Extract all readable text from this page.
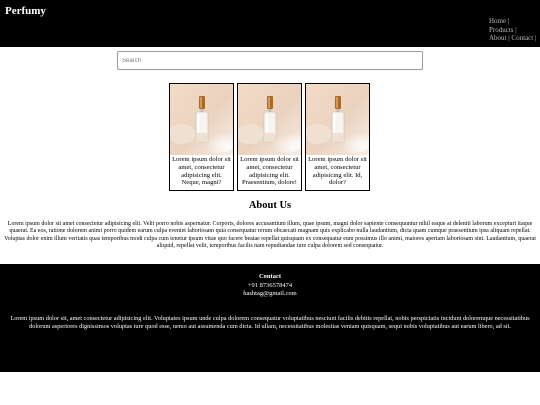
Perfumy
Home |
Products |
About | Contact |
Search
Lorem ipsum dolor sit amet, consectetur adipisicing elit. Neque, magni?
Lorem ipsum dolor sit amet, consectetur adipisicing elit. Praesentium, dolore!
Lorem ipsum dolor sit amet, consectetur adipisicing elit. Id, dolor?
About Us
Lorem ipsum dolor sit amet consectetur adipisicing elit. Velit porro nobis aspernatur. Corporis, dolores accusantium illum, quae ipsum, magni dolor sapiente consequuntur nihil eaque at deleniti laborum excepturi itaque quaerat. Ea eos, ratione dolorem animi porro quidem earum culpa eveniet laboriosam quia consequatur rerum obcaecati magnam quis explicabo nulla laudantium, dicta quam cumque praesentium ipsa aliquam repellat. Voluptas dolor enim illum veritatis quas temporibus modi culpa cum tenetur ipsum vitae quo facere beatae repellat quisquam ex consequatur eum possimus illo animi, maiores aperiam laboriosam sint. Laudantium, quaerat aliquid, repellat velit, temporibus facilis nam repudiandae iure culpa dolorem sed consequatur.
Contact
+91 8736578474
hashtag@gmail.com
Lorem ipsum dolor sit, amet consectetur adipisicing elit. Voluptates ipsum unde culpa dolorem consequatur voluptatibus nesciunt facilis debitis repellat, nobis perspiciatis incidunt doloremque necessitatibus dolorum asperiores dignissimos voluptas iure quod esse, nemo aut assumenda cum dicta. Id ullam, necessitatibus molestias veniam quisquam, sequi nobis voluptatibus aut earum libero, ad sit.
